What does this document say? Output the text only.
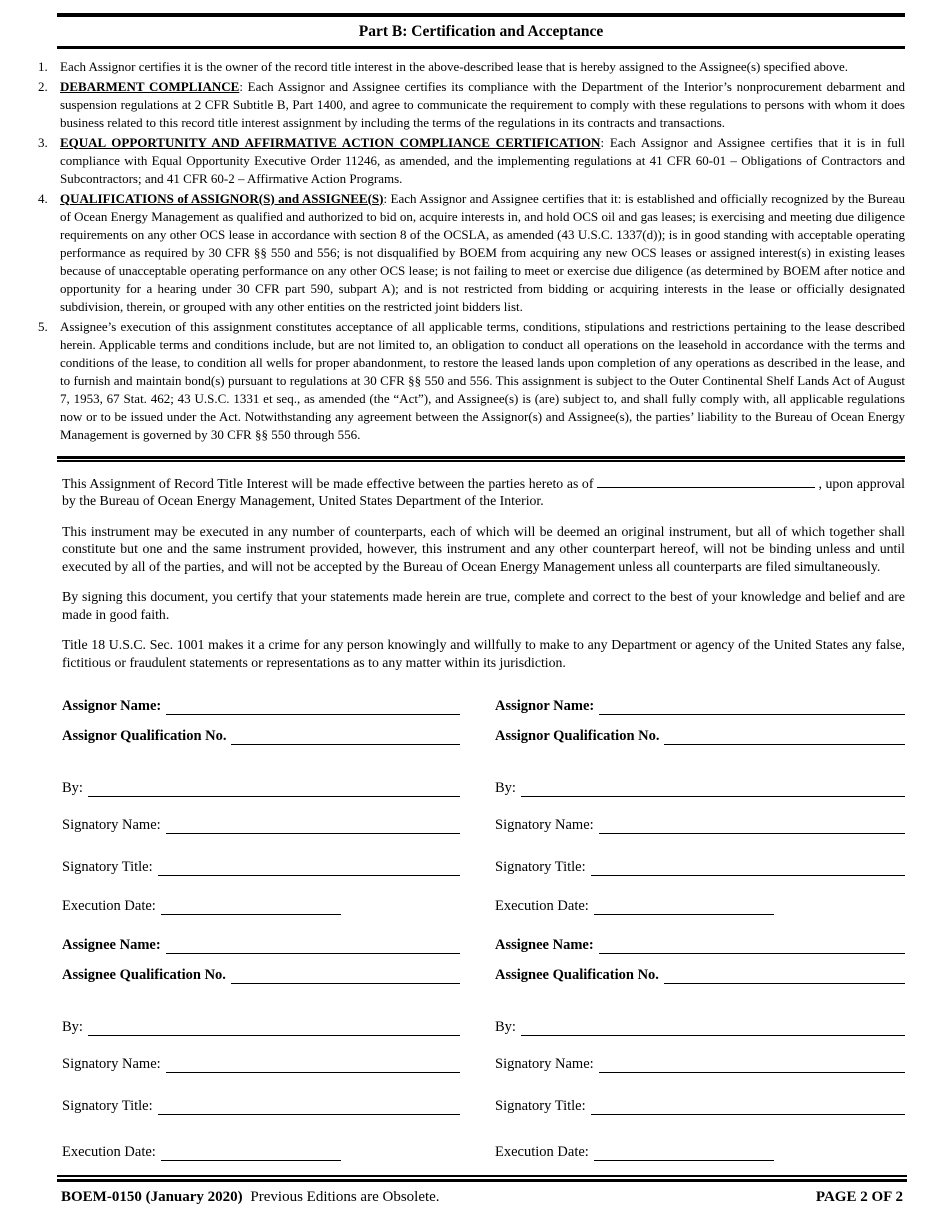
Part B: Certification and Acceptance
1. Each Assignor certifies it is the owner of the record title interest in the above-described lease that is hereby assigned to the Assignee(s) specified above.
2. DEBARMENT COMPLIANCE: Each Assignor and Assignee certifies its compliance with the Department of the Interior’s nonprocurement debarment and suspension regulations at 2 CFR Subtitle B, Part 1400, and agree to communicate the requirement to comply with these regulations to persons with whom it does business related to this record title interest assignment by including the terms of the regulations in its contracts and transactions.
3. EQUAL OPPORTUNITY AND AFFIRMATIVE ACTION COMPLIANCE CERTIFICATION: Each Assignor and Assignee certifies that it is in full compliance with Equal Opportunity Executive Order 11246, as amended, and the implementing regulations at 41 CFR 60-01 – Obligations of Contractors and Subcontractors; and 41 CFR 60-2 – Affirmative Action Programs.
4. QUALIFICATIONS of ASSIGNOR(S) and ASSIGNEE(S): Each Assignor and Assignee certifies that it: is established and officially recognized by the Bureau of Ocean Energy Management as qualified and authorized to bid on, acquire interests in, and hold OCS oil and gas leases; is exercising and meeting due diligence requirements on any other OCS lease in accordance with section 8 of the OCSLA, as amended (43 U.S.C. 1337(d)); is in good standing with acceptable operating performance as required by 30 CFR §§ 550 and 556; is not disqualified by BOEM from acquiring any new OCS leases or assigned interest(s) in existing leases because of unacceptable operating performance on any other OCS lease; is not failing to meet or exercise due diligence (as determined by BOEM after notice and opportunity for a hearing under 30 CFR part 590, subpart A); and is not restricted from bidding or acquiring interests in the lease or officially designated subdivision, therein, or grouped with any other entities on the restricted joint bidders list.
5. Assignee’s execution of this assignment constitutes acceptance of all applicable terms, conditions, stipulations and restrictions pertaining to the lease described herein. Applicable terms and conditions include, but are not limited to, an obligation to conduct all operations on the leasehold in accordance with the terms and conditions of the lease, to condition all wells for proper abandonment, to restore the leased lands upon completion of any operations as described in the lease, and to furnish and maintain bond(s) pursuant to regulations at 30 CFR §§ 550 and 556. This assignment is subject to the Outer Continental Shelf Lands Act of August 7, 1953, 67 Stat. 462; 43 U.S.C. 1331 et seq., as amended (the “Act”), and Assignee(s) is (are) subject to, and shall fully comply with, all applicable regulations now or to be issued under the Act. Notwithstanding any agreement between the Assignor(s) and Assignee(s), the parties’ liability to the Bureau of Ocean Energy Management is governed by 30 CFR §§ 550 through 556.

This Assignment of Record Title Interest will be made effective between the parties hereto as of	, upon approval by the Bureau of Ocean Energy Management, United States Department of the Interior.

This instrument may be executed in any number of counterparts, each of which will be deemed an original instrument, but all of which together shall constitute but one and the same instrument provided, however, this instrument and any other counterpart hereof, will not be binding unless and until executed by all of the parties, and will not be accepted by the Bureau of Ocean Energy Management unless all counterparts are filed simultaneously.

By signing this document, you certify that your statements made herein are true, complete and correct to the best of your knowledge and belief and are made in good faith.

Title 18 U.S.C. Sec. 1001 makes it a crime for any person knowingly and willfully to make to any Department or agency of the United States any false, fictitious or fraudulent statements or representations as to any matter within its jurisdiction.

Assignor Name:
Assignor Qualification No.
By:
Signatory Name:
Signatory Title:
Execution Date:
Assignee Name:
Assignee Qualification No.
By:
Signatory Name:
Signatory Title:
Execution Date:
Assignor Name:
Assignor Qualification No.
By:
Signatory Name:
Signatory Title:
Execution Date:
Assignee Name:
Assignee Qualification No.
By:
Signatory Name:
Signatory Title:
Execution Date:
BOEM-0150 (January 2020) Previous Editions are Obsolete.	PAGE 2 OF 2
